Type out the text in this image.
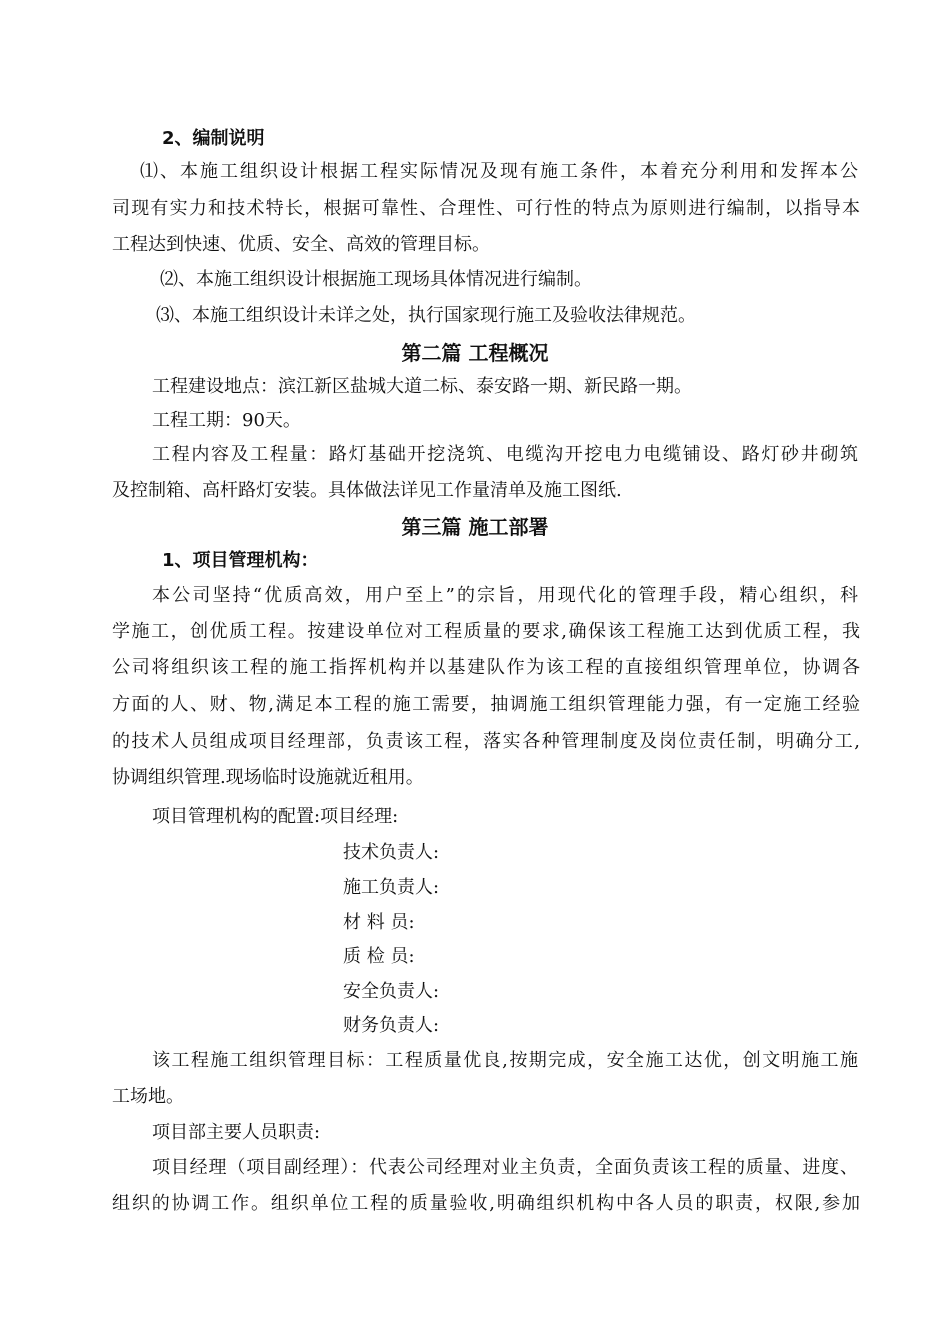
2、编制说明
⑴、本施工组织设计根据工程实际情况及现有施工条件，本着充分利用和发挥本公
司现有实力和技术特长，根据可靠性、合理性、可行性的特点为原则进行编制，以指导本
工程达到快速、优质、安全、高效的管理目标。
⑵、本施工组织设计根据施工现场具体情况进行编制。
⑶、本施工组织设计未详之处，执行国家现行施工及验收法律规范。
第二篇 工程概况
工程建设地点：滨江新区盐城大道二标、泰安路一期、新民路一期。
工程工期：90天。
工程内容及工程量：路灯基础开挖浇筑、电缆沟开挖电力电缆铺设、路灯砂井砌筑
及控制箱、高杆路灯安装。具体做法详见工作量清单及施工图纸.
第三篇 施工部署
1、项目管理机构：
本公司坚持“优质高效，用户至上”的宗旨，用现代化的管理手段，精心组织，科
学施工，创优质工程。按建设单位对工程质量的要求,确保该工程施工达到优质工程，我
公司将组织该工程的施工指挥机构并以基建队作为该工程的直接组织管理单位，协调各
方面的人、财、物,满足本工程的施工需要，抽调施工组织管理能力强，有一定施工经验
的技术人员组成项目经理部，负责该工程，落实各种管理制度及岗位责任制，明确分工,
协调组织管理.现场临时设施就近租用。
项目管理机构的配置:项目经理:
技术负责人:
施工负责人:
材 料 员:
质 检 员:
安全负责人:
财务负责人:
该工程施工组织管理目标：工程质量优良,按期完成，安全施工达优，创文明施工施
工场地。
项目部主要人员职责:
项目经理（项目副经理）：代表公司经理对业主负责，全面负责该工程的质量、进度、
组织的协调工作。组织单位工程的质量验收,明确组织机构中各人员的职责，权限,参加
